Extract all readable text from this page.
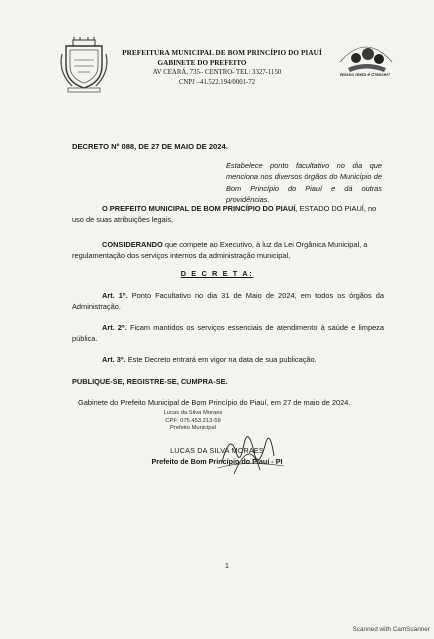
PREFEITURA MUNICIPAL DE BOM PRINCÍPIO DO PIAUÍ
GABINETE DO PREFEITO
AV CEARÁ, 735– CENTRO- TEL: 3327-1150
CNPJ –41.522.194/0001-72
Nosso meta é Crescer!
DECRETO Nº 088, DE 27 DE MAIO DE 2024.
Estabelece ponto facultativo no dia que menciona nos diversos órgãos do Município de Bom Princípio do Piauí e dá outras providências.
O PREFEITO MUNICIPAL DE BOM PRINCÍPIO DO PIAUÍ, ESTADO DO PIAUÍ, no uso de suas atribuições legais,
CONSIDERANDO que compete ao Executivo, à luz da Lei Orgânica Municipal, a regulamentação dos serviços internos da administração municipal,
D E C R E T A:
Art. 1º. Ponto Facultativo no dia 31 de Maio de 2024, em todos os órgãos da Administração.
Art. 2º. Ficam mantidos os serviços essenciais de atendimento à saúde e limpeza pública.
Art. 3º. Este Decreto entrará em vigor na data de sua publicação.
PUBLIQUE-SE, REGISTRE-SE, CUMPRA-SE.
Gabinete do Prefeito Municipal de Bom Princípio do Piauí, em 27 de maio de 2024.
Lucas da Silva Moraes
CPF: 075.453.213-59
Prefeito Municipal
LUCAS DA SILVA MORAES
Prefeito de Bom Princípio do Piauí - PI
1
Scanned with CamScanner
